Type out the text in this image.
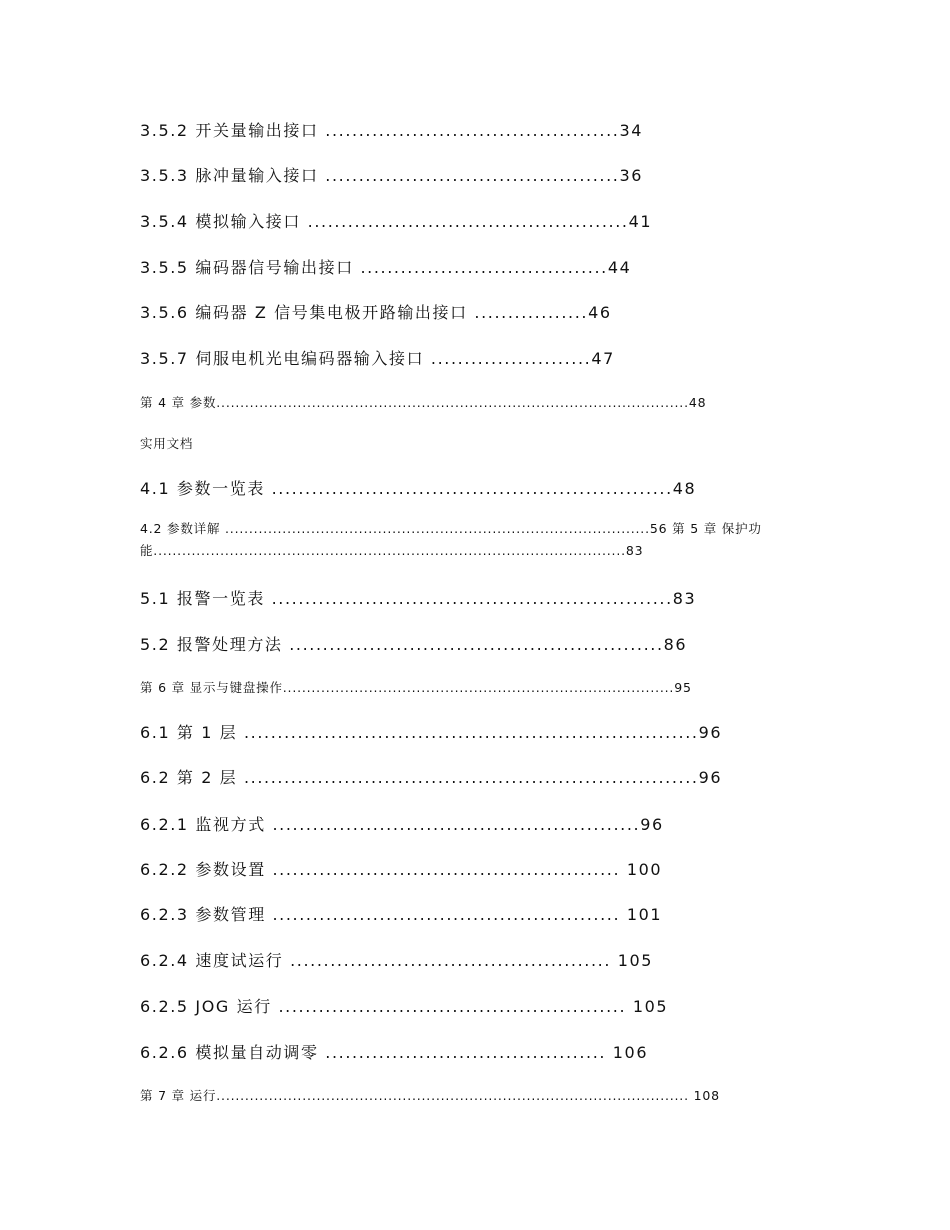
3.5.2 开关量输出接口 ............................................34

3.5.3 脉冲量输入接口 ............................................36

3.5.4 模拟输入接口 ................................................41

3.5.5 编码器信号输出接口 .....................................44

3.5.6 编码器 Z 信号集电极开路输出接口 .................46

3.5.7 伺服电机光电编码器输入接口 ........................47

第 4 章 参数...................................................................................................48

实用文档

4.1 参数一览表 ............................................................48

4.2 参数详解 .........................................................................................56 第 5 章 保护功能...................................................................................................83

5.1 报警一览表 ............................................................83

5.2 报警处理方法 ........................................................86

第 6 章 显示与键盘操作..................................................................................95

6.1 第 1 层 ....................................................................96

6.2 第 2 层 ....................................................................96

6.2.1 监视方式 .......................................................96

6.2.2 参数设置 .................................................... 100

6.2.3 参数管理 .................................................... 101

6.2.4 速度试运行 ................................................ 105

6.2.5 JOG 运行 .................................................... 105

6.2.6 模拟量自动调零 .......................................... 106

第 7 章 运行................................................................................................... 108
